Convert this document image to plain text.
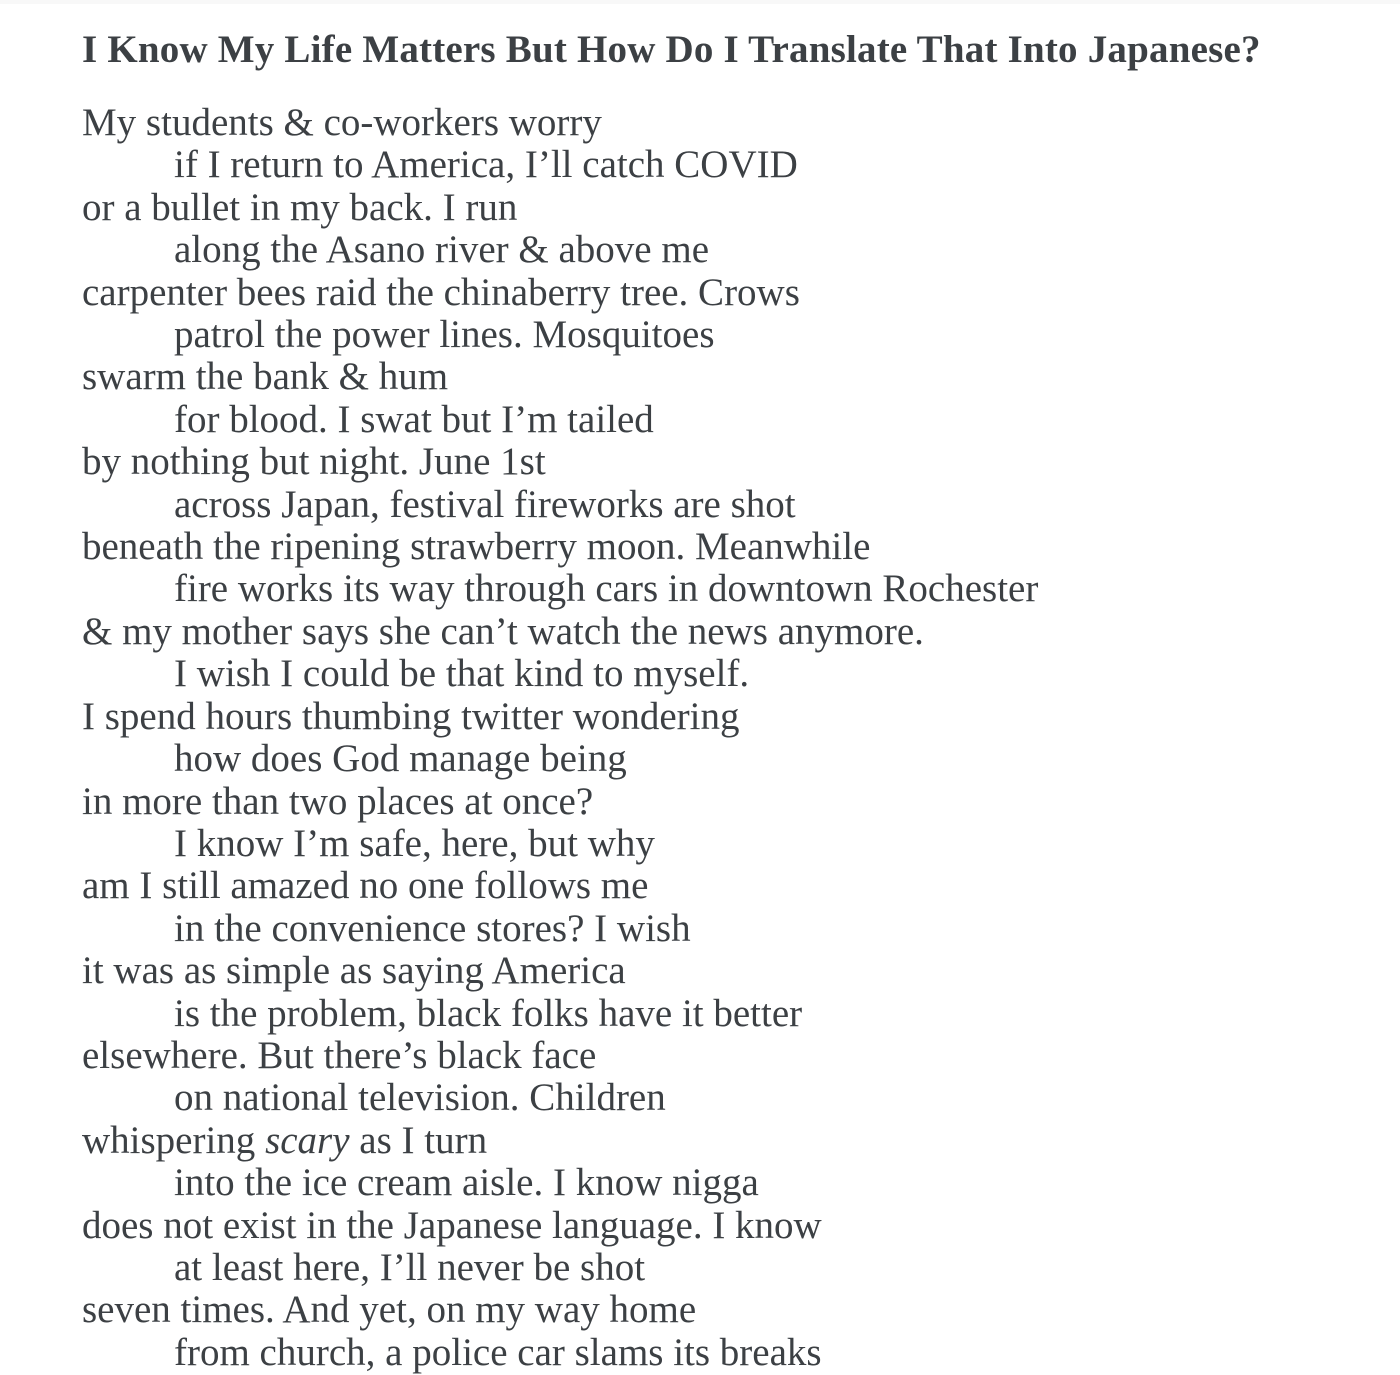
I Know My Life Matters But How Do I Translate That Into Japanese?
My students & co-workers worry
if I return to America, I’ll catch COVID
or a bullet in my back. I run
along the Asano river & above me
carpenter bees raid the chinaberry tree. Crows
patrol the power lines. Mosquitoes
swarm the bank & hum
for blood. I swat but I’m tailed
by nothing but night. June 1st
across Japan, festival fireworks are shot
beneath the ripening strawberry moon. Meanwhile
fire works its way through cars in downtown Rochester
& my mother says she can’t watch the news anymore.
I wish I could be that kind to myself.
I spend hours thumbing twitter wondering
how does God manage being
in more than two places at once?
I know I’m safe, here, but why
am I still amazed no one follows me
in the convenience stores? I wish
it was as simple as saying America
is the problem, black folks have it better
elsewhere. But there’s black face
on national television. Children
whispering scary as I turn
into the ice cream aisle. I know nigga
does not exist in the Japanese language. I know
at least here, I’ll never be shot
seven times. And yet, on my way home
from church, a police car slams its breaks
